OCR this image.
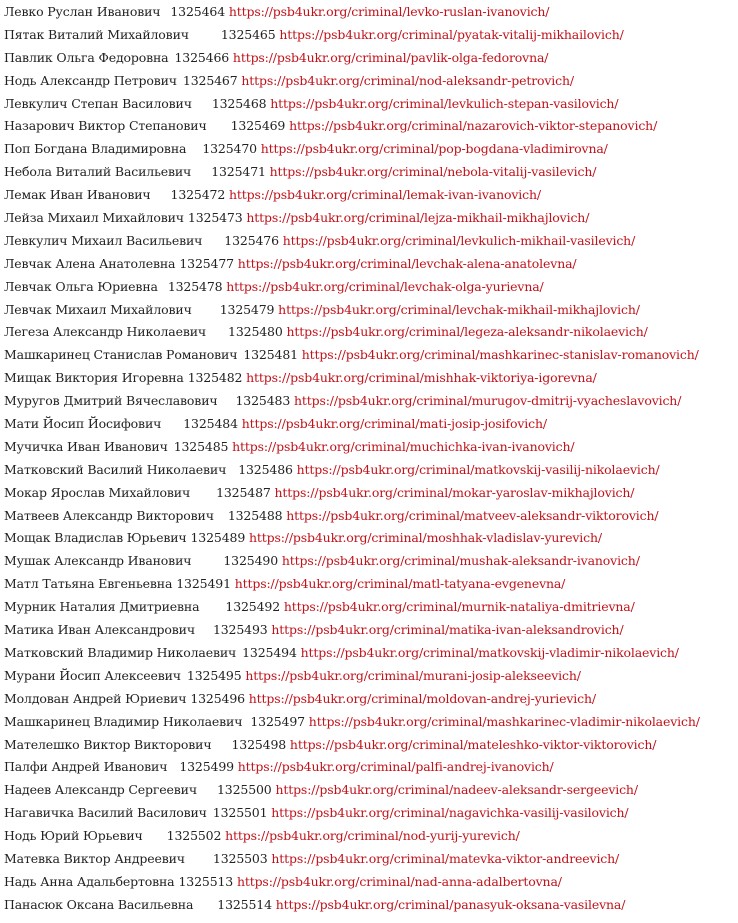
Левко Руслан Иванович 1325464 https://psb4ukr.org/criminal/levko-ruslan-ivanovich/
Пятак Виталий Михайлович	1325465 https://psb4ukr.org/criminal/pyatak-vitalij-mikhailovich/
Павлик Ольга Федоровна 1325466 https://psb4ukr.org/criminal/pavlik-olga-fedorovna/
Нодь Александр Петрович 1325467 https://psb4ukr.org/criminal/nod-aleksandr-petrovich/
Левкулич Степан Василович 1325468 https://psb4ukr.org/criminal/levkulich-stepan-vasilovich/
Назарович Виктор Степанович 1325469 https://psb4ukr.org/criminal/nazarovich-viktor-stepanovich/
Поп Богдана Владимировна 1325470 https://psb4ukr.org/criminal/pop-bogdana-vladimirovna/
Небола Виталий Васильевич 1325471 https://psb4ukr.org/criminal/nebola-vitalij-vasilevich/
Лемак Иван Иванович 1325472 https://psb4ukr.org/criminal/lemak-ivan-ivanovich/
Лейза Михаил Михайлович 1325473 https://psb4ukr.org/criminal/lejza-mikhail-mikhajlovich/
Левкулич Михаил Васильевич 1325476 https://psb4ukr.org/criminal/levkulich-mikhail-vasilevich/
Левчак Алена Анатолевна 1325477 https://psb4ukr.org/criminal/levchak-alena-anatolevna/
Левчак Ольга Юриевна 1325478 https://psb4ukr.org/criminal/levchak-olga-yurievna/
Левчак Михаил Михайлович 1325479 https://psb4ukr.org/criminal/levchak-mikhail-mikhajlovich/
Легеза Александр Николаевич 1325480 https://psb4ukr.org/criminal/legeza-aleksandr-nikolaevich/
Машкаринец Станислав Романович 1325481 https://psb4ukr.org/criminal/mashkarinec-stanislav-romanovich/
Мищак Виктория Игоревна 1325482 https://psb4ukr.org/criminal/mishhak-viktoriya-igorevna/
Муругов Дмитрий Вячеславович 1325483 https://psb4ukr.org/criminal/murugov-dmitrij-vyacheslavovich/
Мати Йосип Йосифович 1325484 https://psb4ukr.org/criminal/mati-josip-josifovich/
Мучичка Иван Иванович 1325485 https://psb4ukr.org/criminal/muchichka-ivan-ivanovich/
Матковский Василий Николаевич 1325486 https://psb4ukr.org/criminal/matkovskij-vasilij-nikolaevich/
Мокар Ярослав Михайлович 1325487 https://psb4ukr.org/criminal/mokar-yaroslav-mikhajlovich/
Матвеев Александр Викторович 1325488 https://psb4ukr.org/criminal/matveev-aleksandr-viktorovich/
Мощак Владислав Юрьевич 1325489 https://psb4ukr.org/criminal/moshhak-vladislav-yurevich/
Мушак Александр Иванович	1325490 https://psb4ukr.org/criminal/mushak-aleksandr-ivanovich/
Матл Татьяна Евгеньевна 1325491 https://psb4ukr.org/criminal/matl-tatyana-evgenevna/
Мурник Наталия Дмитриевна 1325492 https://psb4ukr.org/criminal/murnik-nataliya-dmitrievna/
Матика Иван Александрович 1325493 https://psb4ukr.org/criminal/matika-ivan-aleksandrovich/
Матковский Владимир Николаевич 1325494 https://psb4ukr.org/criminal/matkovskij-vladimir-nikolaevich/
Мурани Йосип Алексеевич 1325495 https://psb4ukr.org/criminal/murani-josip-alekseevich/
Молдован Андрей Юриевич 1325496 https://psb4ukr.org/criminal/moldovan-andrej-yurievich/
Машкаринец Владимир Николаевич 1325497 https://psb4ukr.org/criminal/mashkarinec-vladimir-nikolaevich/
Мателешко Виктор Викторович 1325498 https://psb4ukr.org/criminal/mateleshko-viktor-viktorovich/
Палфи Андрей Иванович 1325499 https://psb4ukr.org/criminal/palfi-andrej-ivanovich/
Надеев Александр Сергеевич 1325500 https://psb4ukr.org/criminal/nadeev-aleksandr-sergeevich/
Нагавичка Василий Василович 1325501 https://psb4ukr.org/criminal/nagavichka-vasilij-vasilovich/
Нодь Юрий Юрьевич 1325502 https://psb4ukr.org/criminal/nod-yurij-yurevich/
Матевка Виктор Андреевич 1325503 https://psb4ukr.org/criminal/matevka-viktor-andreevich/
Надь Анна Адальбертовна 1325513 https://psb4ukr.org/criminal/nad-anna-adalbertovna/
Панасюк Оксана Васильевна 1325514 https://psb4ukr.org/criminal/panasyuk-oksana-vasilevna/
